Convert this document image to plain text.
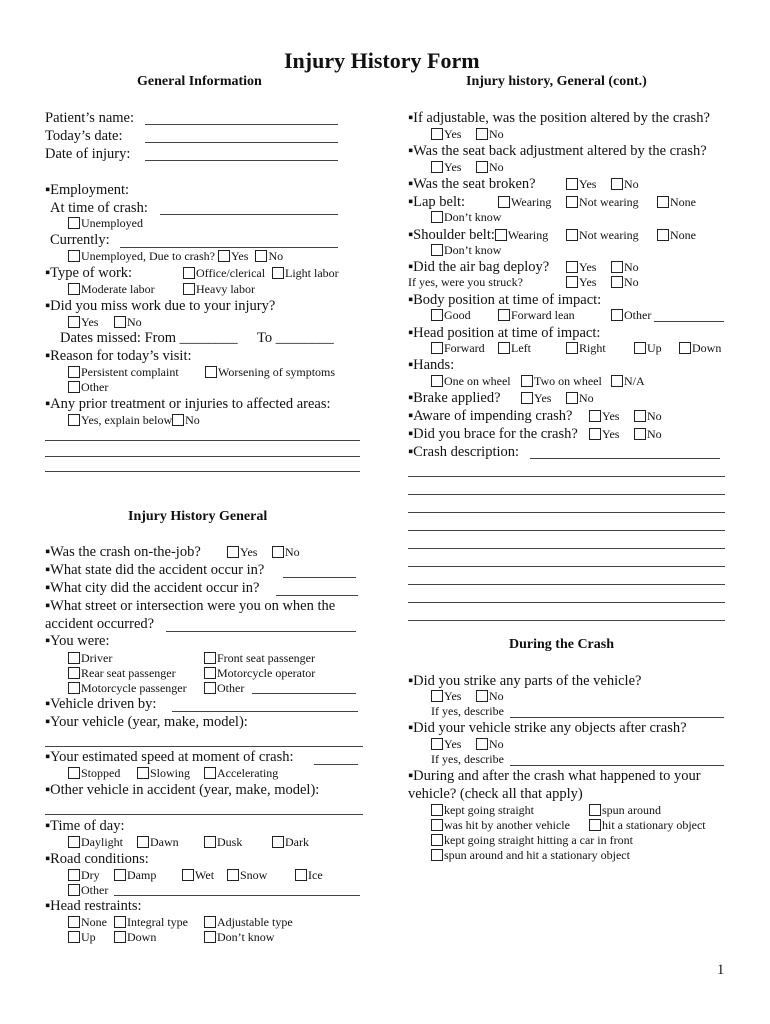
Injury History Form
General Information
Patient’s name:
Today’s date:
Date of injury:
▪Employment:
At time of crash:
Unemployed
Currently:
Unemployed, Due to crash? Yes No
▪Type of work:	Office/clerical	Light labor
Moderate labor	Heavy labor
▪Did you miss work due to your injury?
Yes	No
Dates missed: From ________ To ________
▪Reason for today’s visit:
Persistent complaint	Worsening of symptoms
Other
▪Any prior treatment or injuries to affected areas:
Yes, explain below No
Injury History General
▪Was the crash on-the-job?	Yes	No
▪What state did the accident occur in?
▪What city did the accident occur in?
▪What street or intersection were you on when the
accident occurred?
▪You were:
Driver	Front seat passenger
Rear seat passenger	Motorcycle operator
Motorcycle passenger	Other
▪Vehicle driven by:
▪Your vehicle (year, make, model):
▪Your estimated speed at moment of crash:
Stopped	Slowing	Accelerating
▪Other vehicle in accident (year, make, model):
▪Time of day:
Daylight	Dawn	Dusk	Dark
▪Road conditions:
Dry	Damp	Wet	Snow	Ice
Other
▪Head restraints:
None	Integral type	Adjustable type
Up	Down	Don’t know
Injury history, General (cont.)
▪If adjustable, was the position altered by the crash?
Yes	No
▪Was the seat back adjustment altered by the crash?
Yes	No
▪Was the seat broken?	Yes	No
▪Lap belt:	Wearing	Not wearing	None
Don’t know
▪Shoulder belt: Wearing	Not wearing	None
Don’t know
▪Did the air bag deploy?	Yes	No
If yes, were you struck?	Yes	No
▪Body position at time of impact:
Good	Forward lean	Other
▪Head position at time of impact:
Forward	Left	Right	Up	Down
▪Hands:
One on wheel	Two on wheel	N/A
▪Brake applied?	Yes	No
▪Aware of impending crash?	Yes	No
▪Did you brace for the crash?	Yes	No
▪Crash description:
During the Crash
▪Did you strike any parts of the vehicle?
Yes	No
If yes, describe
▪Did your vehicle strike any objects after crash?
Yes	No
If yes, describe
▪During and after the crash what happened to your
vehicle? (check all that apply)
kept going straight	spun around
was hit by another vehicle	hit a stationary object
kept going straight hitting a car in front
spun around and hit a stationary object
1
